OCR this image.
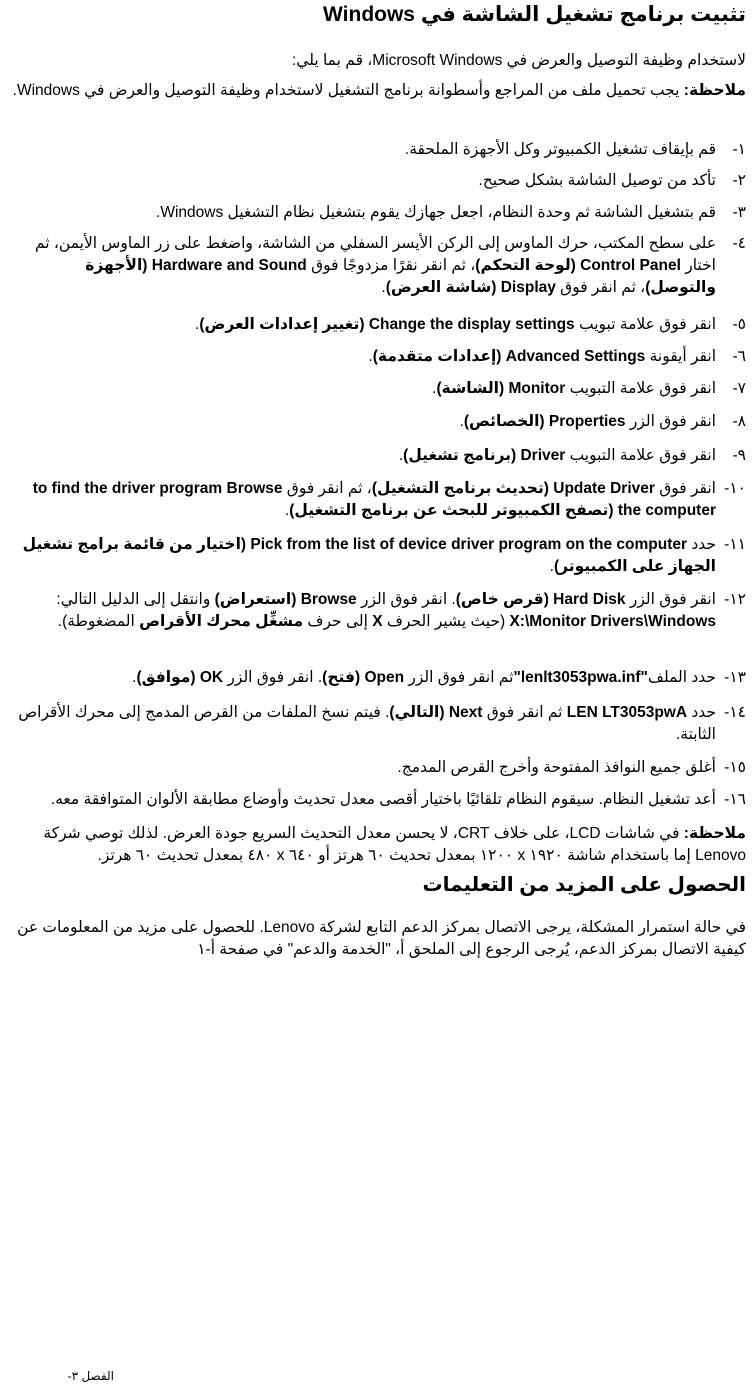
تثبيت برنامج تشغيل الشاشة في Windows
لاستخدام وظيفة التوصيل والعرض في Microsoft Windows، قم بما يلي:
ملاحظة: يجب تحميل ملف من المراجع وأسطوانة برنامج التشغيل لاستخدام وظيفة التوصيل والعرض في Windows.
١-
قم بإيقاف تشغيل الكمبيوتر وكل الأجهزة الملحقة.
٢-
تأكد من توصيل الشاشة بشكل صحيح.
٣-
قم بتشغيل الشاشة ثم وحدة النظام، اجعل جهازك يقوم بتشغيل نظام التشغيل Windows.
٤-
على سطح المكتب، حرك الماوس إلى الركن الأيسر السفلي من الشاشة، واضغط على زر الماوس الأيمن، ثم اختار Control Panel (لوحة التحكم)، ثم انقر نقرًا مزدوجًا فوق Hardware and Sound (الأجهزة والتوصل)، ثم انقر فوق Display (شاشة العرض).
٥-
انقر فوق علامة تبويب Change the display settings (تغيير إعدادات العرض).
٦-
انقر أيقونة Advanced Settings (إعدادات متقدمة).
٧-
انقر فوق علامة التبويب Monitor (الشاشة).
٨-
انقر فوق الزر Properties (الخصائص).
٩-
انقر فوق علامة التبويب Driver (برنامج تشغيل).
١٠-
انقر فوق Update Driver (تحديث برنامج التشغيل)، ثم انقر فوق to find the driver program Browse the computer (تصفح الكمبيوتر للبحث عن برنامج التشغيل).
١١-
حدد Pick from the list of device driver program on the computer (اختيار من قائمة برامج تشغيل الجهاز على الكمبيوتر).
١٢-
انقر فوق الزر Hard Disk (قرص خاص). انقر فوق الزر Browse (استعراض) وانتقل إلى الدليل التالي: X:\Monitor Drivers\Windows (حيث يشير الحرف X إلى حرف مشغِّل محرك الأقراص المضغوطة).
١٣-
حدد الملف"lenlt3053pwa.inf"ثم انقر فوق الزر Open (فتح). انقر فوق الزر OK (موافق).
١٤-
حدد LEN LT3053pwA ثم انقر فوق Next (التالي). فيتم نسخ الملفات من القرص المدمج إلى محرك الأقراص الثابتة.
١٥-
أغلق جميع النوافذ المفتوحة وأخرج القرص المدمج.
١٦-
أعد تشغيل النظام. سيقوم النظام تلقائيًا باختيار أقصى معدل تحديث وأوضاع مطابقة الألوان المتوافقة معه.
ملاحظة: في شاشات LCD، على خلاف CRT، لا يحسن معدل التحديث السريع جودة العرض. لذلك توصي شركة Lenovo إما باستخدام شاشة ١٩٢٠ x ١٢٠٠ بمعدل تحديث ٦٠ هرتز أو ٦٤٠ x ٤٨٠ بمعدل تحديث ٦٠ هرتز.
الحصول على المزيد من التعليمات
في حالة استمرار المشكلة، يرجى الاتصال بمركز الدعم التابع لشركة Lenovo. للحصول على مزيد من المعلومات عن كيفية الاتصال بمركز الدعم، يُرجى الرجوع إلى الملحق أ، "الخدمة والدعم" في صفحة أ-١
الفصل ٣-
